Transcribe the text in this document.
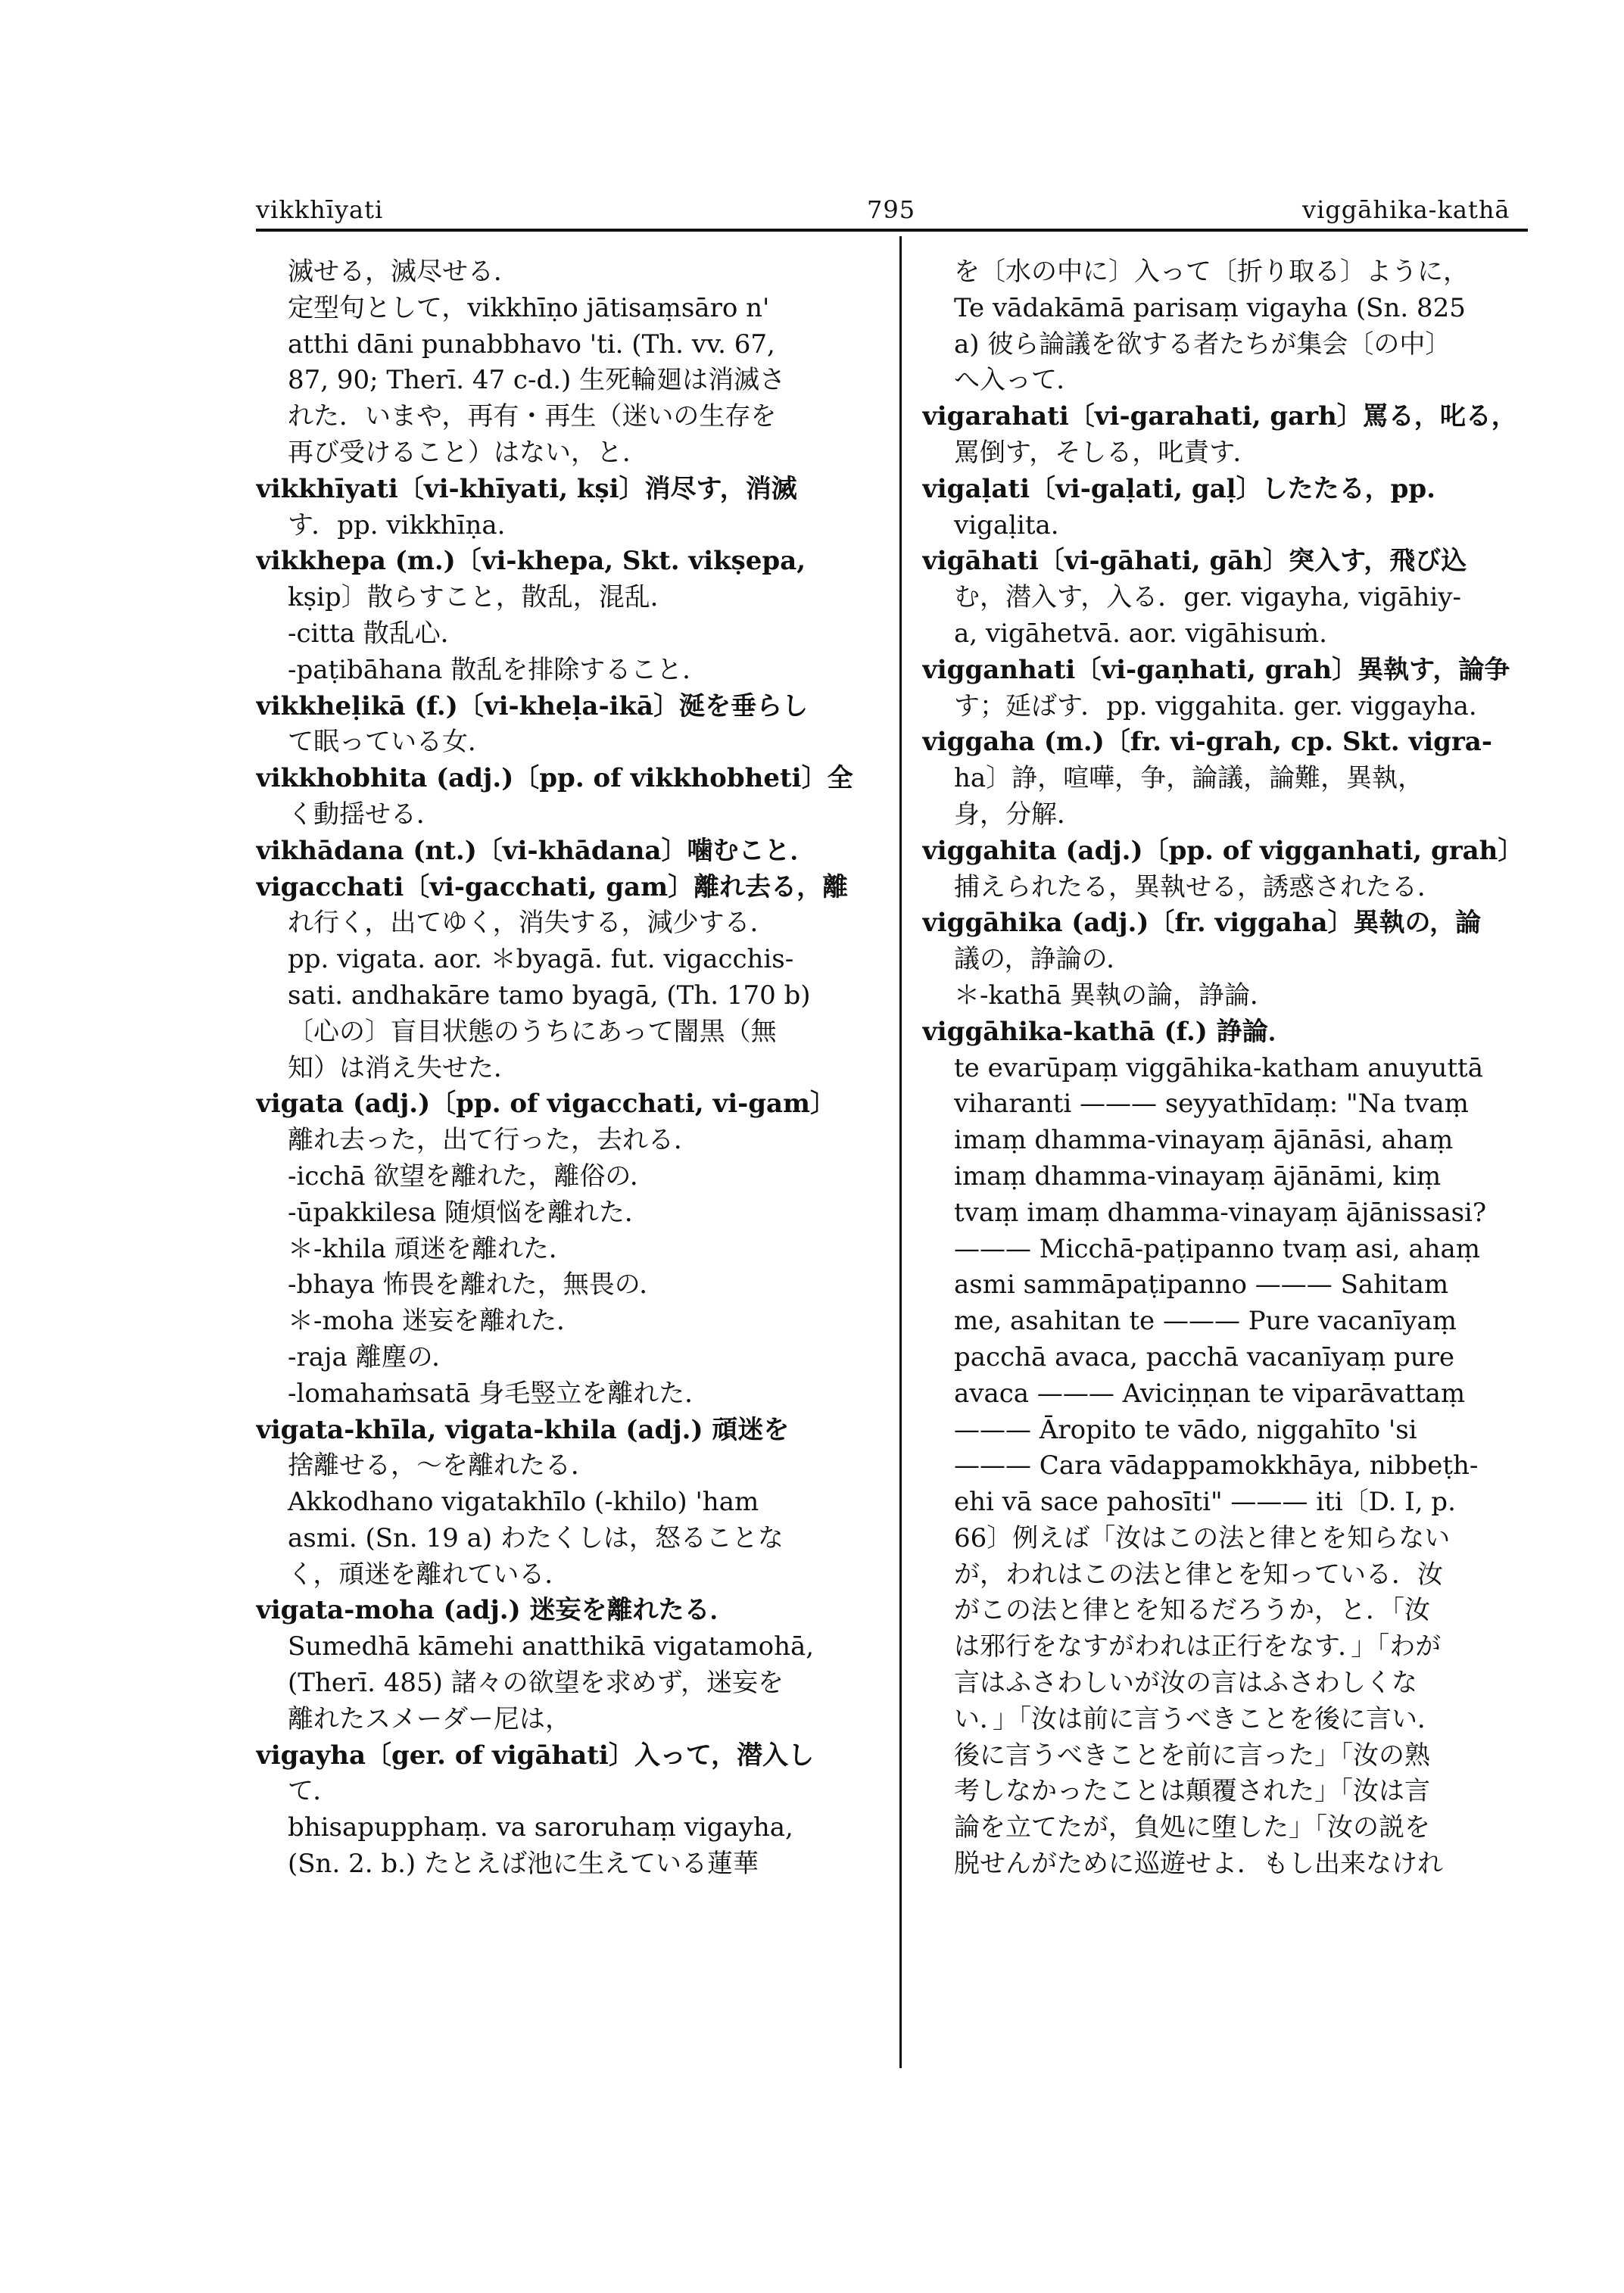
vikkhīyati	795	viggāhika-kathā
滅せる，滅尽せる．
定型句として，vikkhīṇo jātisaṃsāro n'
atthi dāni punabbhavo 'ti. (Th. vv. 67,
87, 90; Therī. 47 c-d.) 生死輪廻は消滅さ
れた．いまや，再有・再生（迷いの生存を
再び受けること）はない，と．
vikkhīyati〔vi-khīyati, kṣi〕消尽す，消滅
す．pp. vikkhīṇa.
vikkhepa (m.)〔vi-khepa, Skt. vikṣepa,
kṣip〕散らすこと，散乱，混乱．
-citta 散乱心．
-paṭibāhana 散乱を排除すること．
vikkheḷikā (f.)〔vi-kheḷa-ikā〕涎を垂らし
て眠っている女．
vikkhobhita (adj.)〔pp. of vikkhobheti〕全
く動揺せる．
vikhādana (nt.)〔vi-khādana〕噛むこと．
vigacchati〔vi-gacchati, gam〕離れ去る，離
れ行く，出てゆく，消失する，減少する．
pp. vigata. aor. ＊byagā. fut. vigacchis-
sati. andhakāre tamo byagā, (Th. 170 b)
〔心の〕盲目状態のうちにあって闇黒（無
知）は消え失せた．
vigata (adj.)〔pp. of vigacchati, vi-gam〕
離れ去った，出て行った，去れる．
-icchā 欲望を離れた，離俗の．
-ūpakkilesa 随煩悩を離れた．
＊-khila 頑迷を離れた．
-bhaya 怖畏を離れた，無畏の．
＊-moha 迷妄を離れた．
-raja 離塵の．
-lomahaṁsatā 身毛竪立を離れた．
vigata-khīla, vigata-khila (adj.) 頑迷を
捨離せる，〜を離れたる．
Akkodhano vigatakhīlo (-khilo) 'ham
asmi. (Sn. 19 a) わたくしは，怒ることな
く，頑迷を離れている．
vigata-moha (adj.) 迷妄を離れたる．
Sumedhā kāmehi anatthikā vigatamohā,
(Therī. 485) 諸々の欲望を求めず，迷妄を
離れたスメーダー尼は，
vigayha〔ger. of vigāhati〕入って，潜入し
て．
bhisapupphaṃ. va saroruhaṃ vigayha,
(Sn. 2. b.) たとえば池に生えている蓮華
を〔水の中に〕入って〔折り取る〕ように，
Te vādakāmā parisaṃ vigayha (Sn. 825
a) 彼ら論議を欲する者たちが集会〔の中〕
へ入って．
vigarahati〔vi-garahati, garh〕罵る，叱る，
罵倒す，そしる，叱責す．
vigaḷati〔vi-gaḷati, gaḷ〕したたる，pp.
vigaḷita.
vigāhati〔vi-gāhati, gāh〕突入す，飛び込
む，潜入す，入る．ger. vigayha, vigāhiy-
a, vigāhetvā. aor. vigāhisuṁ.
vigganhati〔vi-gaṇhati, grah〕異執す，論争
す；延ばす．pp. viggahita. ger. viggayha.
viggaha (m.)〔fr. vi-grah, cp. Skt. vigra-
ha〕諍，喧嘩，争，論議，論難，異執，
身，分解．
viggahita (adj.)〔pp. of vigganhati, grah〕
捕えられたる，異執せる，誘惑されたる．
viggāhika (adj.)〔fr. viggaha〕異執の，論
議の，諍論の．
＊-kathā 異執の論，諍論．
viggāhika-kathā (f.) 諍論．
te evarūpaṃ viggāhika-katham anuyuttā
viharanti ——— seyyathīdaṃ: "Na tvaṃ
imaṃ dhamma-vinayaṃ ājānāsi, ahaṃ
imaṃ dhamma-vinayaṃ ājānāmi, kiṃ
tvaṃ imaṃ dhamma-vinayaṃ ājānissasi?
——— Micchā-paṭipanno tvaṃ asi, ahaṃ
asmi sammāpaṭipanno ——— Sahitam
me, asahitan te ——— Pure vacanīyaṃ
pacchā avaca, pacchā vacanīyaṃ pure
avaca ——— Aviciṇṇan te viparāvattaṃ
——— Āropito te vādo, niggahīto 'si
——— Cara vādappamokkhāya, nibbeṭh-
ehi vā sace pahosīti" ——— iti〔D. I, p.
66〕例えば「汝はこの法と律とを知らない
が，われはこの法と律とを知っている．汝
がこの法と律とを知るだろうか，と．「汝
は邪行をなすがわれは正行をなす．」「わが
言はふさわしいが汝の言はふさわしくな
い．」「汝は前に言うべきことを後に言い．
後に言うべきことを前に言った」「汝の熟
考しなかったことは顛覆された」「汝は言
論を立てたが，負処に堕した」「汝の説を
脱せんがために巡遊せよ．もし出来なけれ
